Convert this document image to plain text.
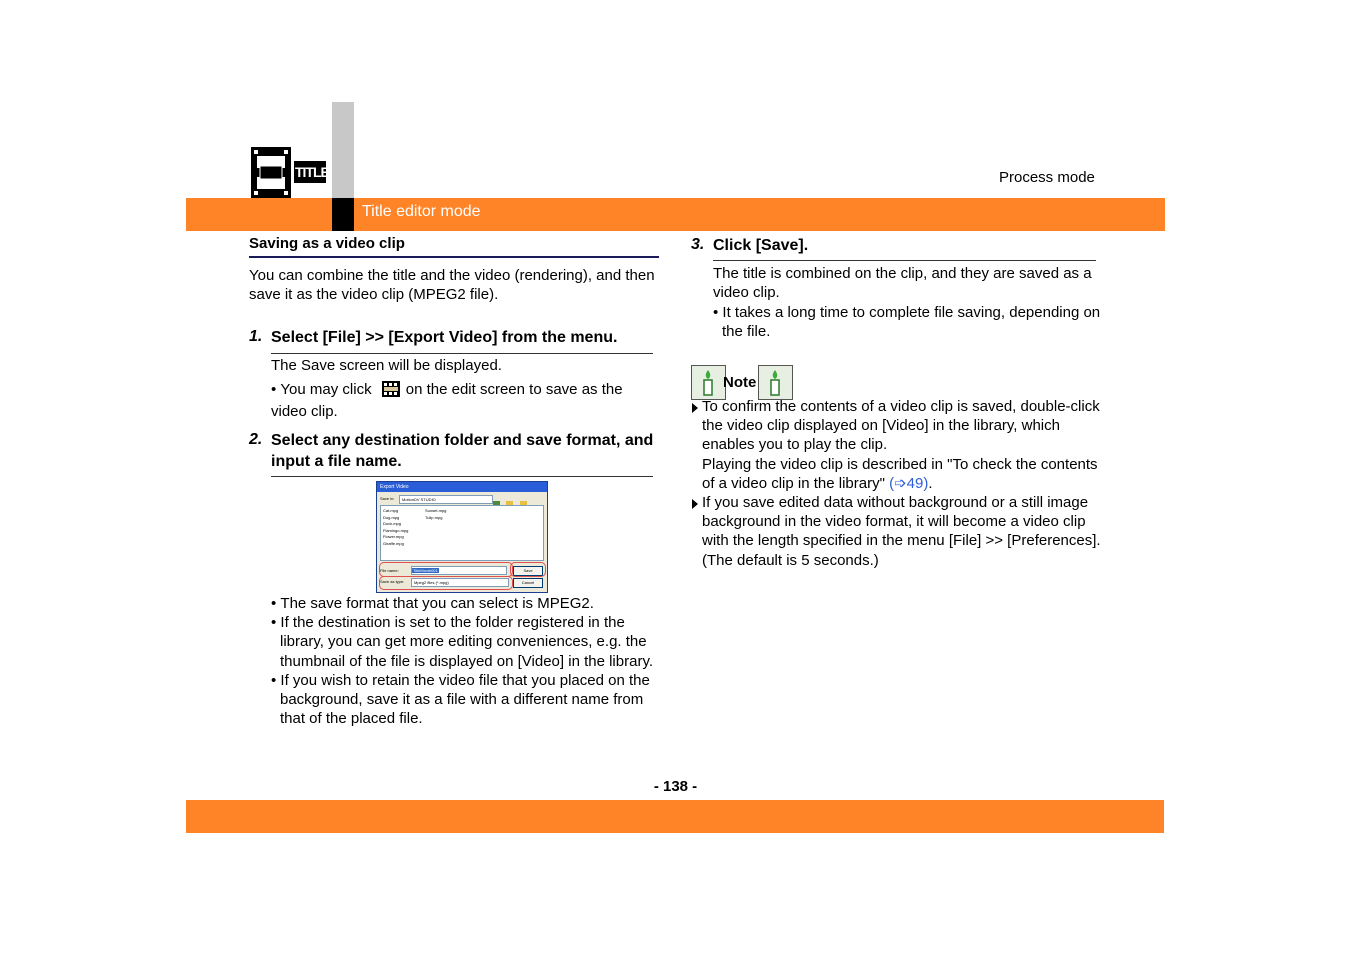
TITLE	Process mode
Title editor mode
Saving as a video clip
You can combine the title and the video (rendering), and then save it as the video clip (MPEG2 file).
1. Select [File] >> [Export Video] from the menu.
The Save screen will be displayed.
• You may click on the edit screen to save as the video clip.
2. Select any destination folder and save format, and input a file name.
Export Video
Save in:	MotionDV STUDIO

Cat.mpg
Dog.mpg
Duck.mpg
Flamingo.mpg
Flower.mpg
Giraffe.mpg
Sunset.mpg
Tulip.mpg
File name:	TitleMovie001
Save as type:	Mpeg2 files (*.mpg)
Save
Cancel
• The save format that you can select is MPEG2.
• If the destination is set to the folder registered in the library, you can get more editing conveniences, e.g. the thumbnail of the file is displayed on [Video] in the library.
• If you wish to retain the video file that you placed on the background, save it as a file with a different name from that of the placed file.
3. Click [Save].
The title is combined on the clip, and they are saved as a video clip.
• It takes a long time to complete file saving, depending on the file.
Note
To confirm the contents of a video clip is saved, double-click the video clip displayed on [Video] in the library, which enables you to play the clip.
Playing the video clip is described in "To check the contents of a video clip in the library" (➩49).
If you save edited data without background or a still image background in the video format, it will become a video clip with the length specified in the menu [File] >> [Preferences]. (The default is 5 seconds.)
- 138 -
